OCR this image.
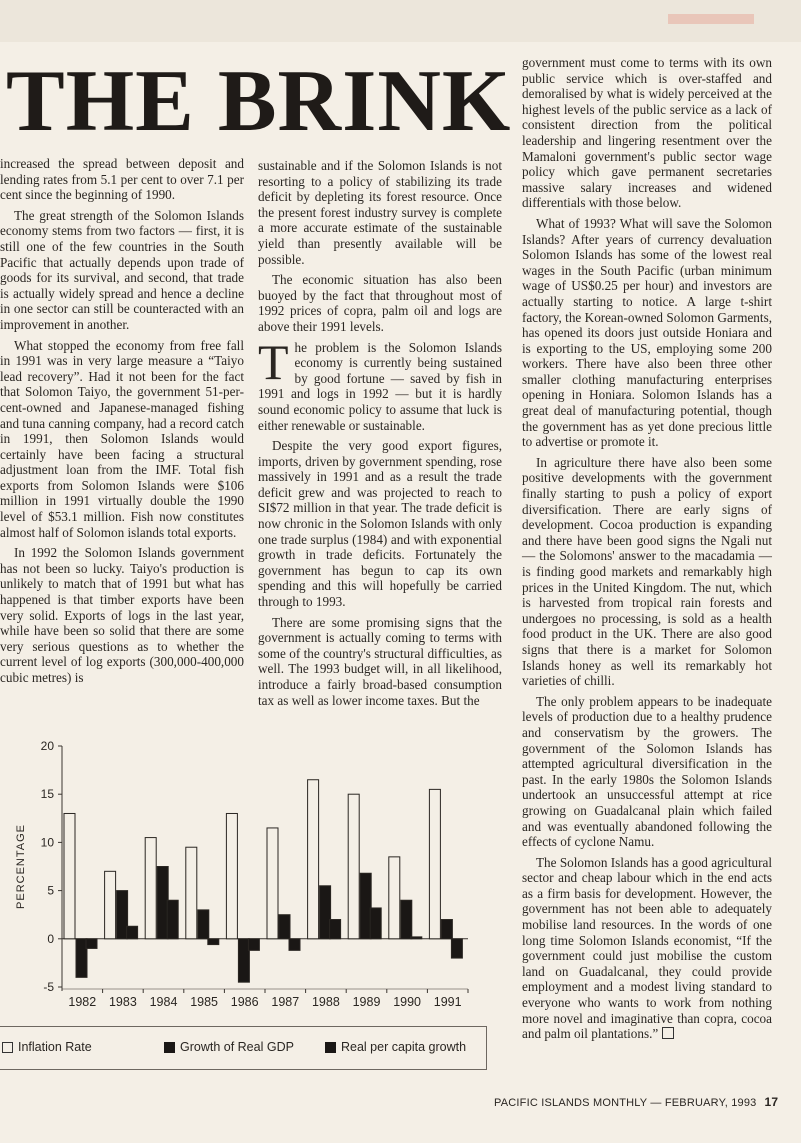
THE BRINK

increased the spread between deposit and lending rates from 5.1 per cent to over 7.1 per cent since the beginning of 1990.

The great strength of the Solomon Islands economy stems from two factors — first, it is still one of the few countries in the South Pacific that actually depends upon trade of goods for its survival, and second, that trade is actually widely spread and hence a decline in one sector can still be counteracted with an improvement in another.

What stopped the economy from free fall in 1991 was in very large measure a “Taiyo lead recovery”. Had it not been for the fact that Solomon Taiyo, the government 51-per-cent-owned and Japanese-managed fishing and tuna canning company, had a record catch in 1991, then Solomon Islands would certainly have been facing a structural adjustment loan from the IMF. Total fish exports from Solomon Islands were $106 million in 1991 virtually double the 1990 level of $53.1 million. Fish now constitutes almost half of Solomon islands total exports.

In 1992 the Solomon Islands government has not been so lucky. Taiyo's production is unlikely to match that of 1991 but what has happened is that timber exports have been very solid. Exports of logs in the last year, while have been so solid that there are some very serious questions as to whether the current level of log exports (300,000-400,000 cubic metres) is

sustainable and if the Solomon Islands is not resorting to a policy of stabilizing its trade deficit by depleting its forest resource. Once the present forest industry survey is complete a more accurate estimate of the sustainable yield than presently available will be possible.

The economic situation has also been buoyed by the fact that throughout most of 1992 prices of copra, palm oil and logs are above their 1991 levels.

The problem is the Solomon Islands economy is currently being sustained by good fortune — saved by fish in 1991 and logs in 1992 — but it is hardly sound economic policy to assume that luck is either renewable or sustainable.

Despite the very good export figures, imports, driven by government spending, rose massively in 1991 and as a result the trade deficit grew and was projected to reach to SI$72 million in that year. The trade deficit is now chronic in the Solomon Islands with only one trade surplus (1984) and with exponential growth in trade deficits. Fortunately the government has begun to cap its own spending and this will hopefully be carried through to 1993.

There are some promising signs that the government is actually coming to terms with some of the country's structural difficulties, as well. The 1993 budget will, in all likelihood, introduce a fairly broad-based consumption tax as well as lower income taxes. But the

government must come to terms with its own public service which is over-staffed and demoralised by what is widely perceived at the highest levels of the public service as a lack of consistent direction from the political leadership and lingering resentment over the Mamaloni government's public sector wage policy which gave permanent secretaries massive salary increases and widened differentials with those below.

What of 1993? What will save the Solomon Islands? After years of currency devaluation Solomon Islands has some of the lowest real wages in the South Pacific (urban minimum wage of US$0.25 per hour) and investors are actually starting to notice. A large t-shirt factory, the Korean-owned Solomon Garments, has opened its doors just outside Honiara and is exporting to the US, employing some 200 workers. There have also been three other smaller clothing manufacturing enterprises opening in Honiara. Solomon Islands has a great deal of manufacturing potential, though the government has as yet done precious little to advertise or promote it.

In agriculture there have also been some positive developments with the government finally starting to push a policy of export diversification. There are early signs of development. Cocoa production is expanding and there have been good signs the Ngali nut — the Solomons' answer to the macadamia — is finding good markets and remarkably high prices in the United Kingdom. The nut, which is harvested from tropical rain forests and undergoes no processing, is sold as a health food product in the UK. There are also good signs that there is a market for Solomon Islands honey as well its remarkably hot varieties of chilli.

The only problem appears to be inadequate levels of production due to a healthy prudence and conservatism by the growers. The government of the Solomon Islands has attempted agricultural diversification in the past. In the early 1980s the Solomon Islands undertook an unsuccessful attempt at rice growing on Guadalcanal plain which failed and was eventually abandoned following the effects of cyclone Namu.

The Solomon Islands has a good agricultural sector and cheap labour which in the end acts as a firm basis for development. However, the government has not been able to adequately mobilise land resources. In the words of one long time Solomon Islands economist, “If the government could just mobilise the custom land on Guadalcanal, they could provide employment and a modest living standard to everyone who wants to work from nothing more novel and imaginative than copra, cocoa and palm oil plantations.”

20
15
10
5
0
-5
PERCENTAGE
1982 1983 1984 1985 1986 1987 1988 1989 1990 1991
Inflation Rate	Growth of Real GDP	Real per capita growth
PACIFIC ISLANDS MONTHLY — FEBRUARY, 1993 17
